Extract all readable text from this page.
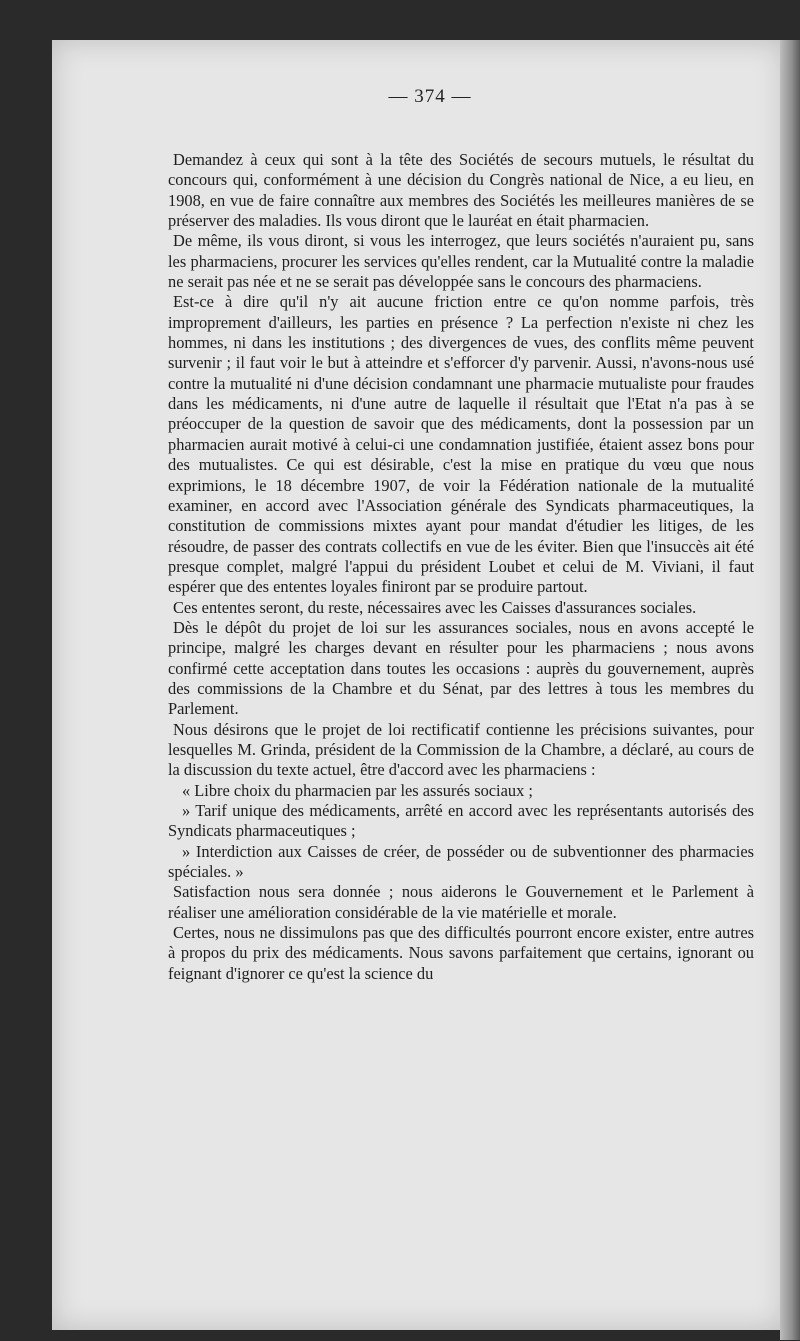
— 374 —

Demandez à ceux qui sont à la tête des Sociétés de secours mutuels, le résultat du concours qui, conformément à une décision du Congrès national de Nice, a eu lieu, en 1908, en vue de faire connaître aux membres des Sociétés les meilleures manières de se préserver des maladies. Ils vous diront que le lauréat en était pharmacien.

De même, ils vous diront, si vous les interrogez, que leurs sociétés n'auraient pu, sans les pharmaciens, procurer les services qu'elles rendent, car la Mutualité contre la maladie ne serait pas née et ne se serait pas développée sans le concours des pharmaciens.

Est-ce à dire qu'il n'y ait aucune friction entre ce qu'on nomme parfois, très improprement d'ailleurs, les parties en présence ? La perfection n'existe ni chez les hommes, ni dans les institutions ; des divergences de vues, des conflits même peuvent survenir ; il faut voir le but à atteindre et s'efforcer d'y parvenir. Aussi, n'avons-nous usé contre la mutualité ni d'une décision condamnant une pharmacie mutualiste pour fraudes dans les médicaments, ni d'une autre de laquelle il résultait que l'Etat n'a pas à se préoccuper de la question de savoir que des médicaments, dont la possession par un pharmacien aurait motivé à celui-ci une condamnation justifiée, étaient assez bons pour des mutualistes. Ce qui est désirable, c'est la mise en pratique du vœu que nous exprimions, le 18 décembre 1907, de voir la Fédération nationale de la mutualité examiner, en accord avec l'Association générale des Syndicats pharmaceutiques, la constitution de commissions mixtes ayant pour mandat d'étudier les litiges, de les résoudre, de passer des contrats collectifs en vue de les éviter. Bien que l'insuccès ait été presque complet, malgré l'appui du président Loubet et celui de M. Viviani, il faut espérer que des ententes loyales finiront par se produire partout.

Ces ententes seront, du reste, nécessaires avec les Caisses d'assurances sociales.

Dès le dépôt du projet de loi sur les assurances sociales, nous en avons accepté le principe, malgré les charges devant en résulter pour les pharmaciens ; nous avons confirmé cette acceptation dans toutes les occasions : auprès du gouvernement, auprès des commissions de la Chambre et du Sénat, par des lettres à tous les membres du Parlement.

Nous désirons que le projet de loi rectificatif contienne les précisions suivantes, pour lesquelles M. Grinda, président de la Commission de la Chambre, a déclaré, au cours de la discussion du texte actuel, être d'accord avec les pharmaciens :

« Libre choix du pharmacien par les assurés sociaux ;

» Tarif unique des médicaments, arrêté en accord avec les représentants autorisés des Syndicats pharmaceutiques ;

» Interdiction aux Caisses de créer, de posséder ou de subventionner des pharmacies spéciales. »

Satisfaction nous sera donnée ; nous aiderons le Gouvernement et le Parlement à réaliser une amélioration considérable de la vie matérielle et morale.

Certes, nous ne dissimulons pas que des difficultés pourront encore exister, entre autres à propos du prix des médicaments. Nous savons parfaitement que certains, ignorant ou feignant d'ignorer ce qu'est la science du
